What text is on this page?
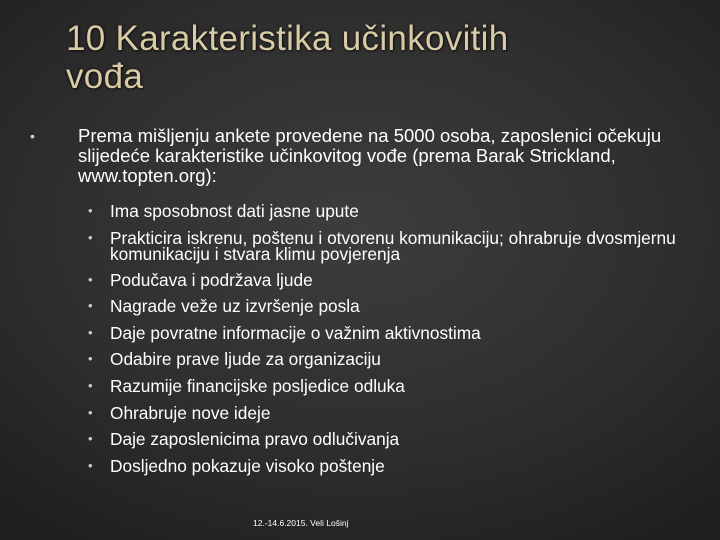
10 Karakteristika učinkovitih
vođa
• Prema mišljenju ankete provedene na 5000 osoba, zaposlenici očekuju slijedeće karakteristike učinkovitog vođe (prema Barak Strickland, www.topten.org):
• Ima sposobnost dati jasne upute
• Prakticira iskrenu, poštenu i otvorenu komunikaciju; ohrabruje dvosmjernu komunikaciju i stvara klimu povjerenja
• Podučava i podržava ljude
• Nagrade veže uz izvršenje posla
• Daje povratne informacije o važnim aktivnostima
• Odabire prave ljude za organizaciju
• Razumije financijske posljedice odluka
• Ohrabruje nove ideje
• Daje zaposlenicima pravo odlučivanja
• Dosljedno pokazuje visoko poštenje
12.-14.6.2015. Veli Lošinj
